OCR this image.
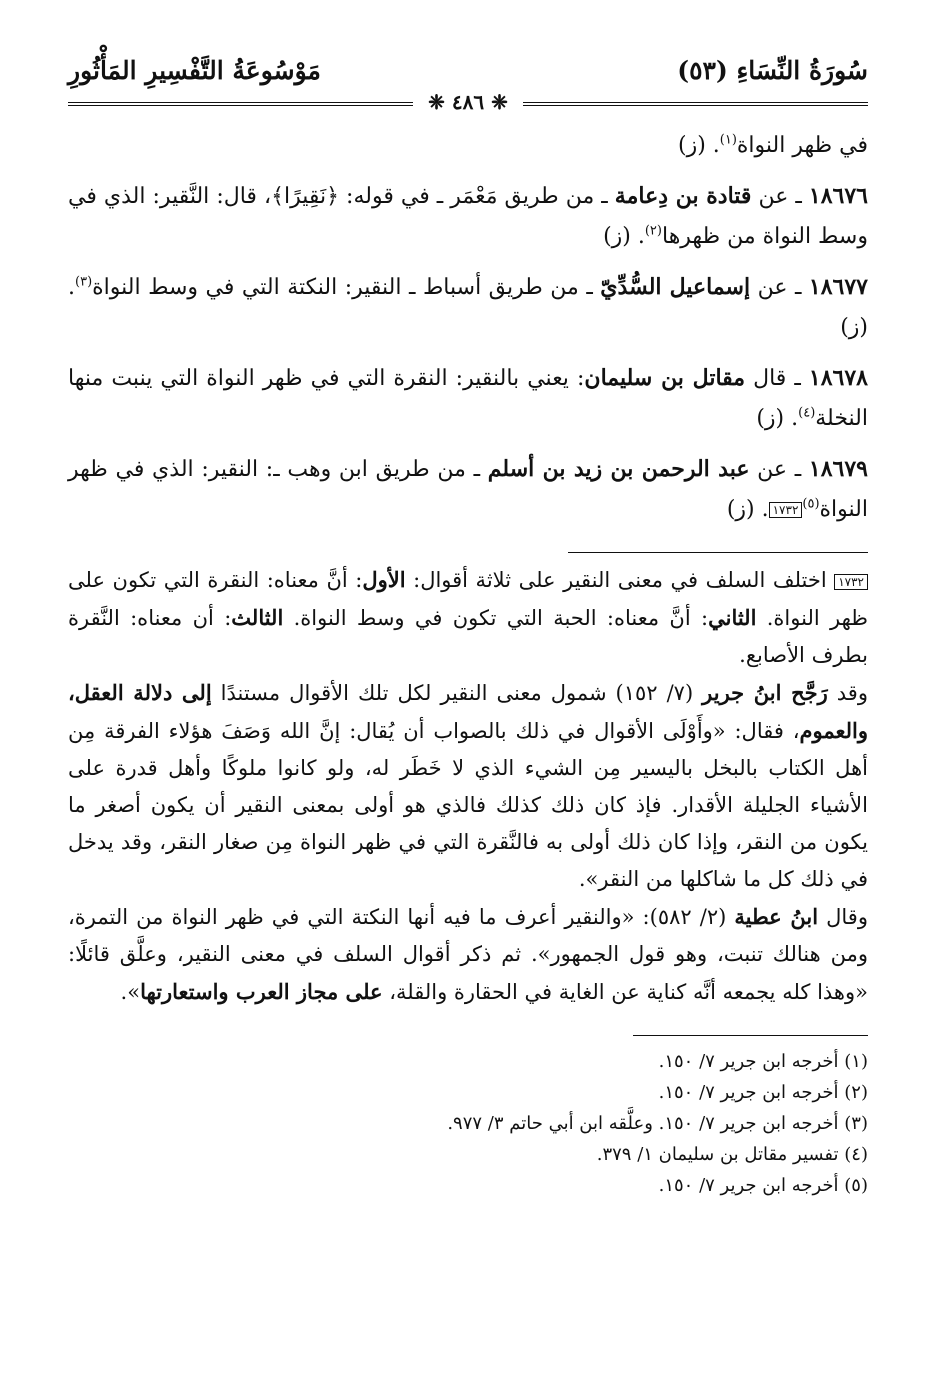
سُورَةُ النِّسَاءِ (٥٣)
مَوْسُوعَةُ التَّفْسِيرِ المَأْثُورِ
❈ ٤٨٦ ❈

في ظهر النواة$^{(١)}$. (ز)

١٨٦٧٦ ـ عن قتادة بن دِعامة ـ من طريق مَعْمَر ـ في قوله: ﴿نَقِيرًا﴾، قال: النَّقير: الذي في وسط النواة من ظهرها$^{(٢)}$. (ز)

١٨٦٧٧ ـ عن إسماعيل السُّدِّيّ ـ من طريق أسباط ـ النقير: النكتة التي في وسط النواة$^{(٣)}$. (ز)

١٨٦٧٨ ـ قال مقاتل بن سليمان: يعني بالنقير: النقرة التي في ظهر النواة التي ينبت منها النخلة$^{(٤)}$. (ز)

١٨٦٧٩ ـ عن عبد الرحمن بن زيد بن أسلم ـ من طريق ابن وهب ـ: النقير: الذي في ظهر النواة$^{(٥)}$١٧٣٢. (ز)

١٧٣٢ اختلف السلف في معنى النقير على ثلاثة أقوال: الأول: أنَّ معناه: النقرة التي تكون على ظهر النواة. الثاني: أنَّ معناه: الحبة التي تكون في وسط النواة. الثالث: أن معناه: النَّقرة بطرف الأصابع.

وقد رَجَّح ابنُ جرير (٧/ ١٥٢) شمول معنى النقير لكل تلك الأقوال مستندًا إلى دلالة العقل، والعموم، فقال: «وأَوْلَى الأقوال في ذلك بالصواب أن يُقال: إنَّ الله وَصَفَ هؤلاء الفرقة مِن أهل الكتاب بالبخل باليسير مِن الشيء الذي لا خَطَر له، ولو كانوا ملوكًا وأهل قدرة على الأشياء الجليلة الأقدار. فإذ كان ذلك كذلك فالذي هو أولى بمعنى النقير أن يكون أصغر ما يكون من النقر، وإذا كان ذلك أولى به فالنَّقرة التي في ظهر النواة مِن صغار النقر، وقد يدخل في ذلك كل ما شاكلها من النقر».

وقال ابنُ عطية (٢/ ٥٨٢): «والنقير أعرف ما فيه أنها النكتة التي في ظهر النواة من التمرة، ومن هنالك تنبت، وهو قول الجمهور». ثم ذكر أقوال السلف في معنى النقير، وعلَّق قائلًا: «وهذا كله يجمعه أنَّه كناية عن الغاية في الحقارة والقلة، على مجاز العرب واستعارتها».

(١) أخرجه ابن جرير ٧/ ١٥٠.
(٢) أخرجه ابن جرير ٧/ ١٥٠.
(٣) أخرجه ابن جرير ٧/ ١٥٠. وعلَّقه ابن أبي حاتم ٣/ ٩٧٧.
(٤) تفسير مقاتل بن سليمان ١/ ٣٧٩.
(٥) أخرجه ابن جرير ٧/ ١٥٠.
